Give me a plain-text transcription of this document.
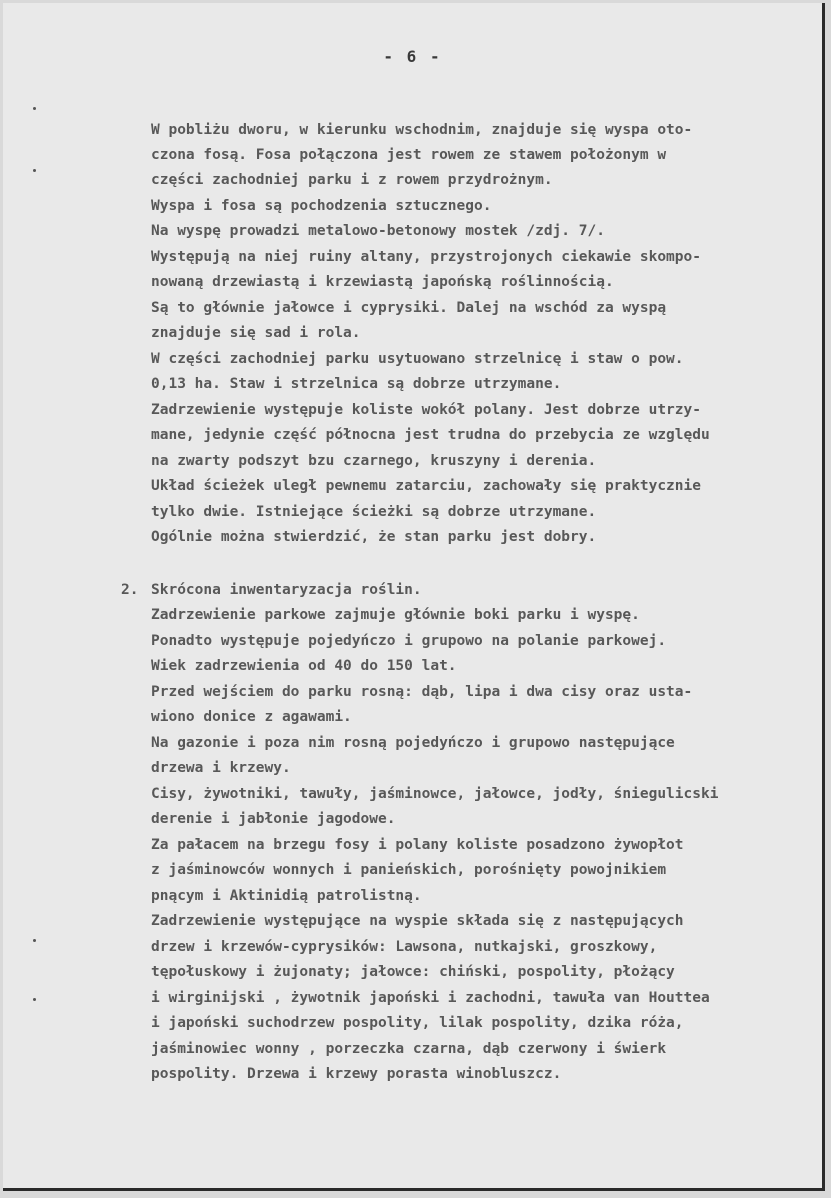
- 6 -
W pobliżu dworu, w kierunku wschodnim, znajduje się wyspa oto-
czona fosą. Fosa połączona jest rowem ze stawem położonym w
części zachodniej parku i z rowem przydrożnym.
Wyspa i fosa są pochodzenia sztucznego.
Na wyspę prowadzi metalowo-betonowy mostek /zdj. 7/.
Występują na niej ruiny altany, przystrojonych ciekawie skompo-
nowaną drzewiastą i krzewiastą japońską roślinnością.
Są to głównie jałowce i cyprysiki. Dalej na wschód za wyspą
znajduje się sad i rola.
W części zachodniej parku usytuowano strzelnicę i staw o pow.
0,13 ha. Staw i strzelnica są dobrze utrzymane.
Zadrzewienie występuje koliste wokół polany. Jest dobrze utrzy-
mane, jedynie część północna jest trudna do przebycia ze względu
na zwarty podszyt bzu czarnego, kruszyny i derenia.
Układ ścieżek uległ pewnemu zatarciu, zachowały się praktycznie
tylko dwie. Istniejące ścieżki są dobrze utrzymane.
Ogólnie można stwierdzić, że stan parku jest dobry.
2. Skrócona inwentaryzacja roślin.
Zadrzewienie parkowe zajmuje głównie boki parku i wyspę.
Ponadto występuje pojedyńczo i grupowo na polanie parkowej.
Wiek zadrzewienia od 40 do 150 lat.
Przed wejściem do parku rosną: dąb, lipa i dwa cisy oraz usta-
wiono donice z agawami.
Na gazonie i poza nim rosną pojedyńczo i grupowo następujące
drzewa i krzewy.
Cisy, żywotniki, tawuły, jaśminowce, jałowce, jodły, śniegulicski
derenie i jabłonie jagodowe.
Za pałacem na brzegu fosy i polany koliste posadzono żywopłot
z jaśminowców wonnych i panieńskich, porośnięty powojnikiem
pnącym i Aktinidią patrolistną.
Zadrzewienie występujące na wyspie składa się z następujących
drzew i krzewów-cyprysików: Lawsona, nutkajski, groszkowy,
tępołuskowy i żujonaty; jałowce: chiński, pospolity, płożący
i wirginijski , żywotnik japoński i zachodni, tawuła van Houttea
i japoński suchodrzew pospolity, lilak pospolity, dzika róża,
jaśminowiec wonny , porzeczka czarna, dąb czerwony i świerk
pospolity. Drzewa i krzewy porasta winobluszcz.
